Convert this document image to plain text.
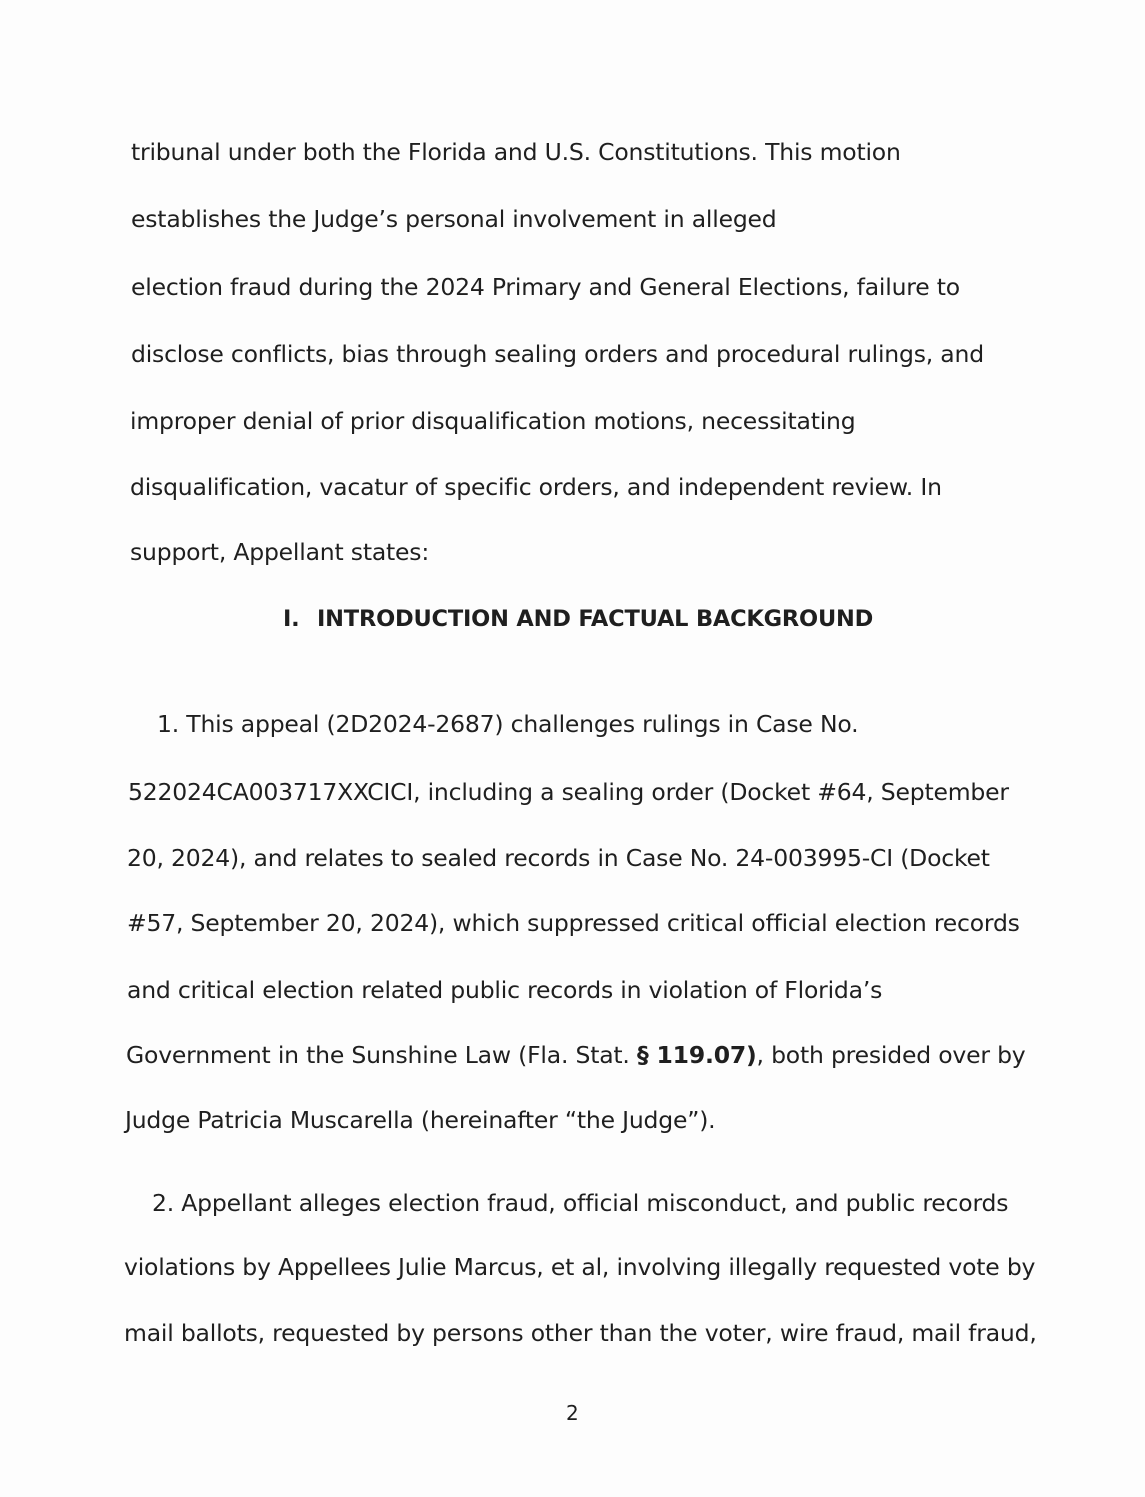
tribunal under both the Florida and U.S. Constitutions. This motion
establishes the Judge’s personal involvement in alleged
election fraud during the 2024 Primary and General Elections, failure to
disclose conflicts, bias through sealing orders and procedural rulings, and
improper denial of prior disqualification motions, necessitating
disqualification, vacatur of specific orders, and independent review. In
support, Appellant states:
I. INTRODUCTION AND FACTUAL BACKGROUND
1. This appeal (2D2024-2687) challenges rulings in Case No.
522024CA003717XXCICI, including a sealing order (Docket #64, September
20, 2024), and relates to sealed records in Case No. 24-003995-CI (Docket
#57, September 20, 2024), which suppressed critical official election records
and critical election related public records in violation of Florida’s
Government in the Sunshine Law (Fla. Stat. § 119.07), both presided over by
Judge Patricia Muscarella (hereinafter “the Judge”).
2. Appellant alleges election fraud, official misconduct, and public records
violations by Appellees Julie Marcus, et al, involving illegally requested vote by
mail ballots, requested by persons other than the voter, wire fraud, mail fraud,
2
